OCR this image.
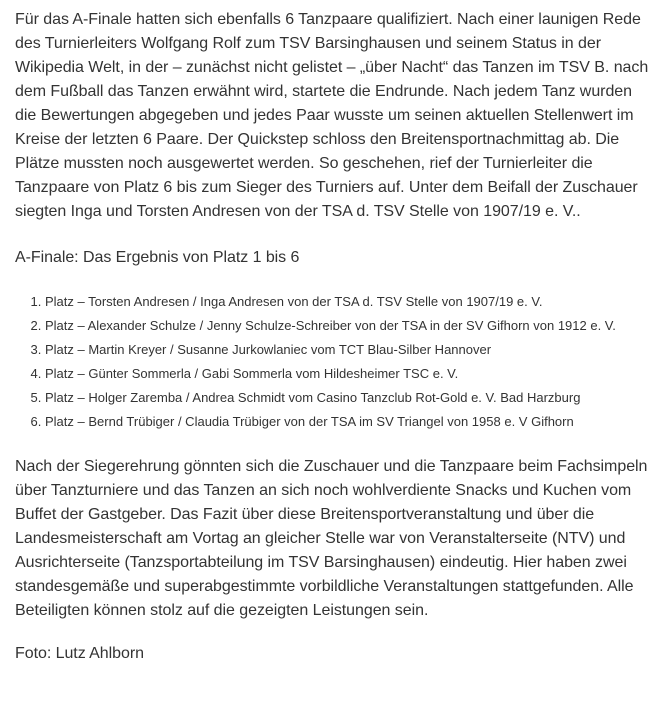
Für das A-Finale hatten sich ebenfalls 6 Tanzpaare qualifiziert. Nach einer launigen Rede des Turnierleiters Wolfgang Rolf zum TSV Barsinghausen und seinem Status in der Wikipedia Welt, in der – zunächst nicht gelistet – „über Nacht“ das Tanzen im TSV B. nach dem Fußball das Tanzen erwähnt wird, startete die Endrunde. Nach jedem Tanz wurden die Bewertungen abgegeben und jedes Paar wusste um seinen aktuellen Stellenwert im Kreise der letzten 6 Paare. Der Quickstep schloss den Breitensportnachmittag ab. Die Plätze mussten noch ausgewertet werden. So geschehen, rief der Turnierleiter die Tanzpaare von Platz 6 bis zum Sieger des Turniers auf. Unter dem Beifall der Zuschauer siegten Inga und Torsten Andresen von der TSA d. TSV Stelle von 1907/19 e. V..

A-Finale: Das Ergebnis von Platz 1 bis 6

1. Platz – Torsten Andresen / Inga Andresen von der TSA d. TSV Stelle von 1907/19 e. V.
2. Platz – Alexander Schulze / Jenny Schulze-Schreiber von der TSA in der SV Gifhorn von 1912 e. V.
3. Platz – Martin Kreyer / Susanne Jurkowlaniec vom TCT Blau-Silber Hannover
4. Platz – Günter Sommerla / Gabi Sommerla vom Hildesheimer TSC e. V.
5. Platz – Holger Zaremba / Andrea Schmidt vom Casino Tanzclub Rot-Gold e. V. Bad Harzburg
6. Platz – Bernd Trübiger / Claudia Trübiger von der TSA im SV Triangel von 1958 e. V Gifhorn

Nach der Siegerehrung gönnten sich die Zuschauer und die Tanzpaare beim Fachsimpeln über Tanzturniere und das Tanzen an sich noch wohlverdiente Snacks und Kuchen vom Buffet der Gastgeber. Das Fazit über diese Breitensportveranstaltung und über die Landesmeisterschaft am Vortag an gleicher Stelle war von Veranstalterseite (NTV) und Ausrichterseite (Tanzsportabteilung im TSV Barsinghausen) eindeutig. Hier haben zwei standesgemäße und superabgestimmte vorbildliche Veranstaltungen stattgefunden. Alle Beteiligten können stolz auf die gezeigten Leistungen sein.

Foto: Lutz Ahlborn
